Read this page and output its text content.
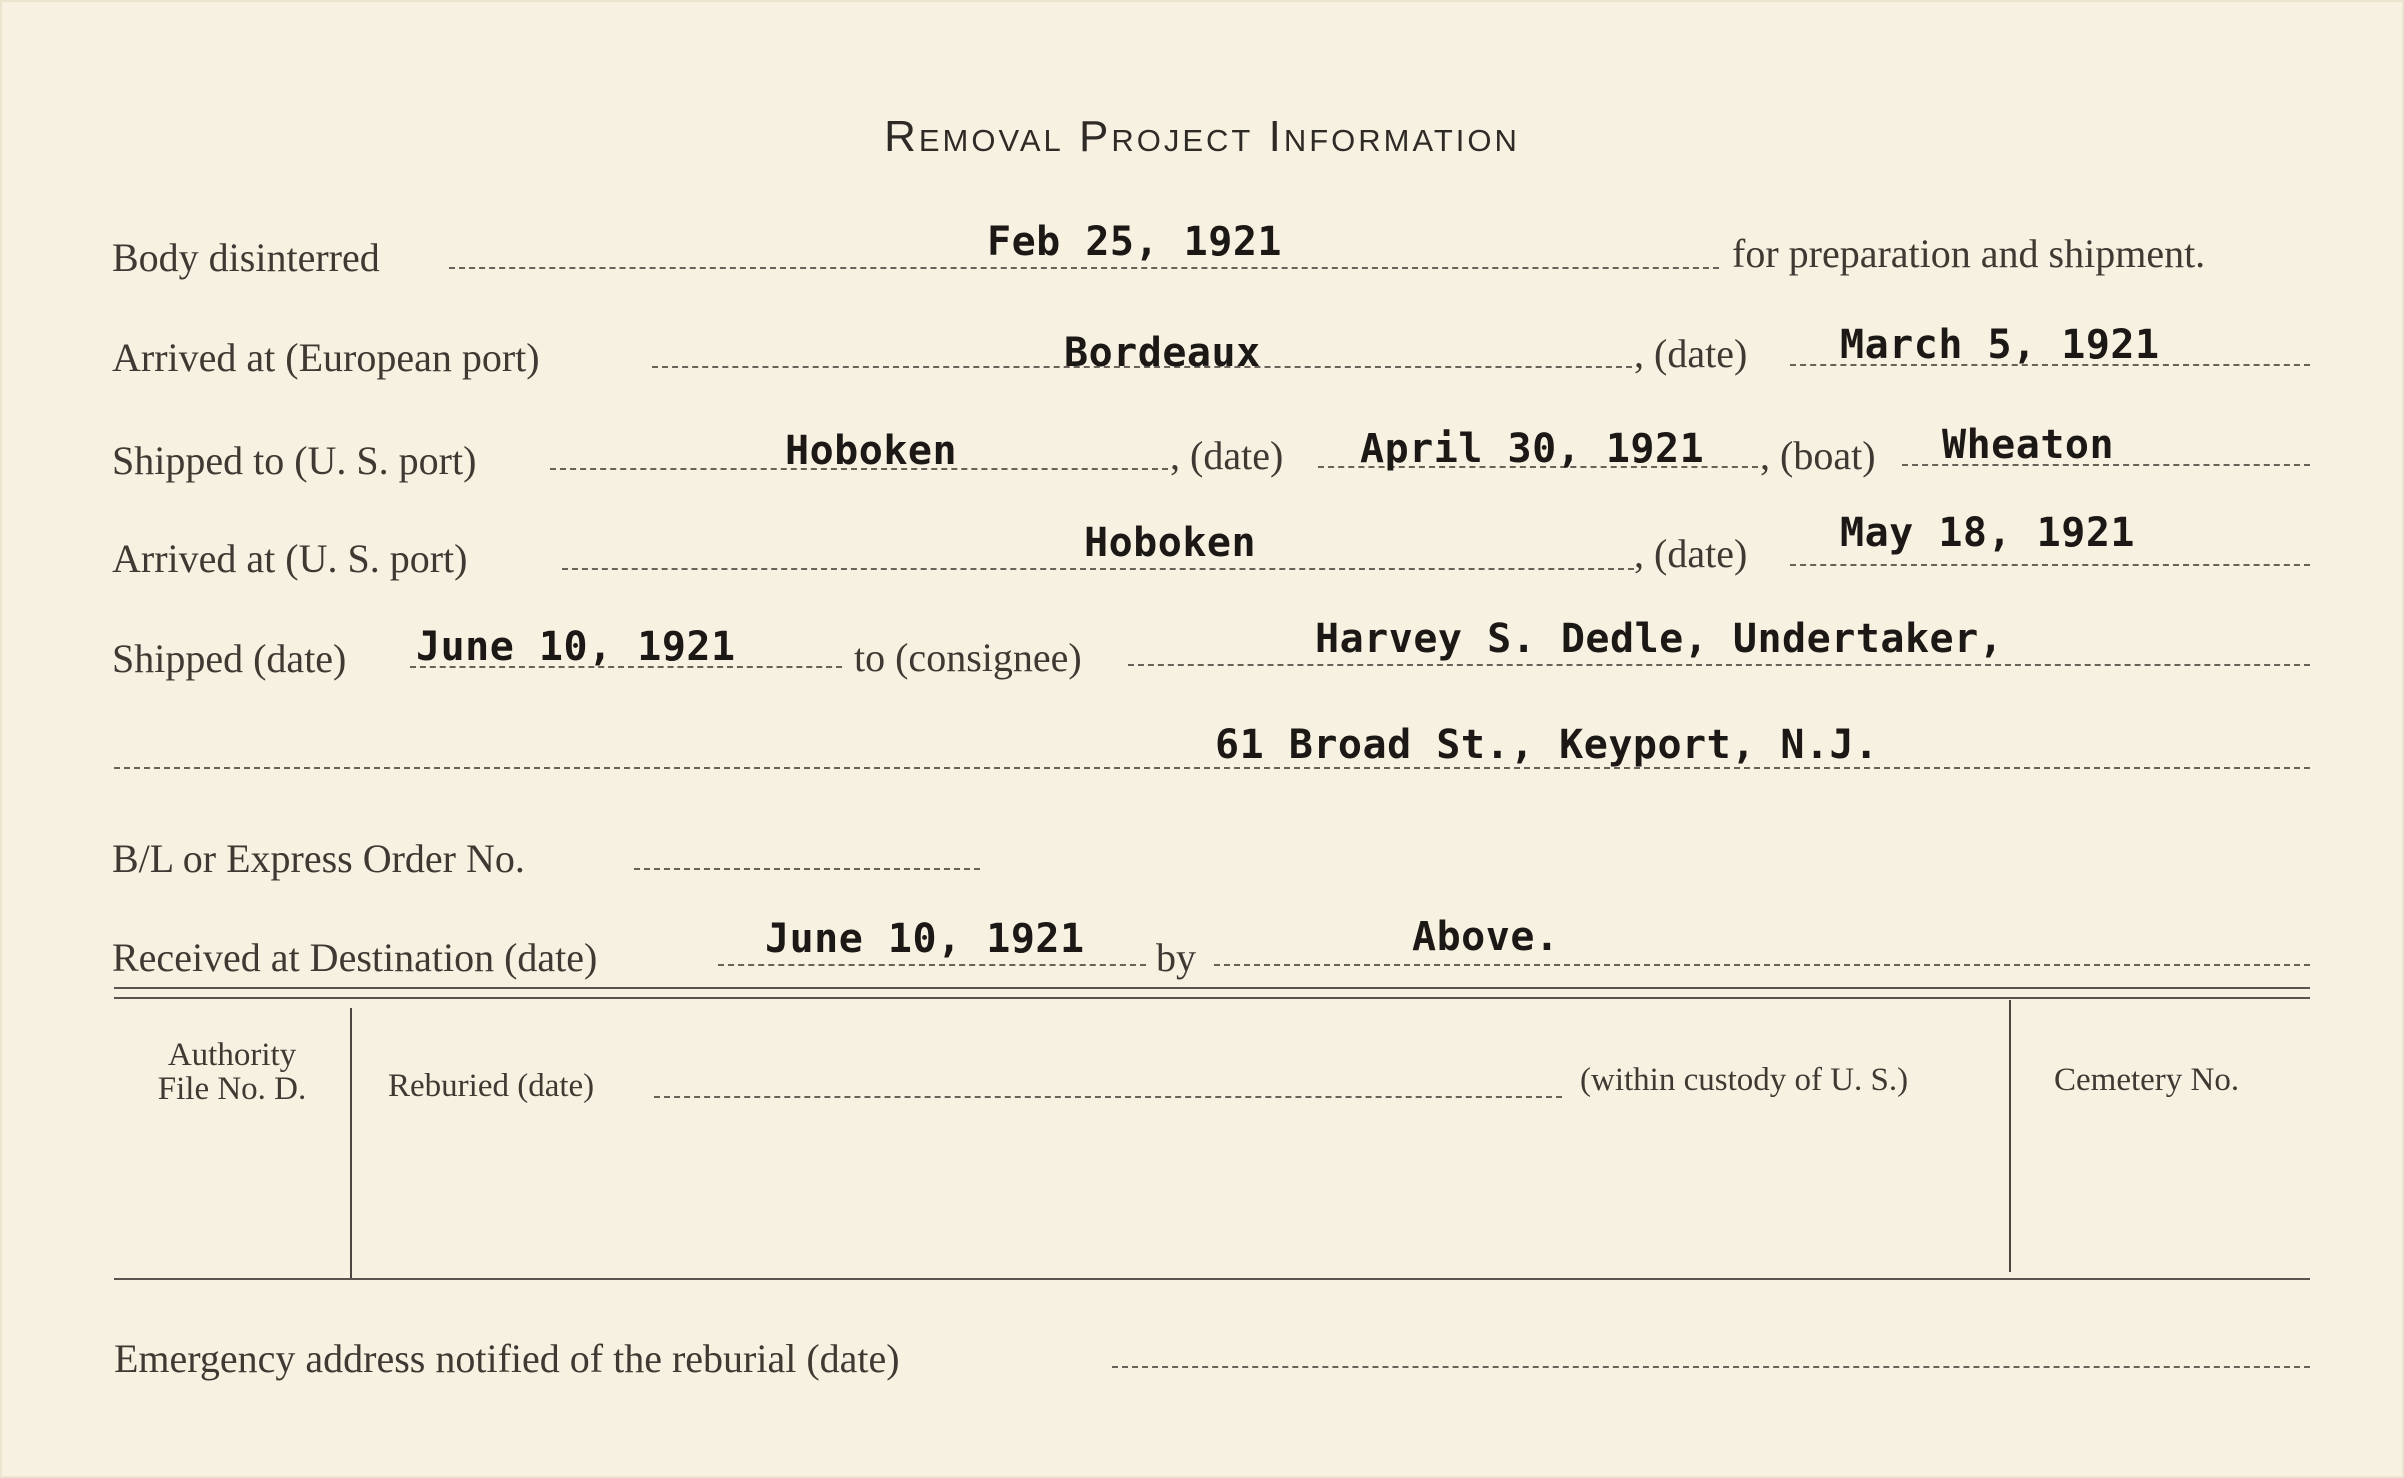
Removal Project Information
Body disinterred	Feb 25, 1921	for preparation and shipment.
Arrived at (European port)	Bordeaux	, (date) March 5, 1921
Shipped to (U. S. port)	Hoboken	, (date) April 30, 1921 , (boat) Wheaton
Arrived at (U. S. port)	Hoboken	, (date) May 18, 1921
Shipped (date) June 10, 1921	to (consignee)	Harvey S. Dedle, Undertaker,
61 Broad St., Keyport, N.J.
B/L or Express Order No.
Received at Destination (date)	June 10, 1921 by	Above.
Authority
File No. D.	Reburied (date)	(within custody of U. S.)	Cemetery No.
Emergency address notified of the reburial (date)
